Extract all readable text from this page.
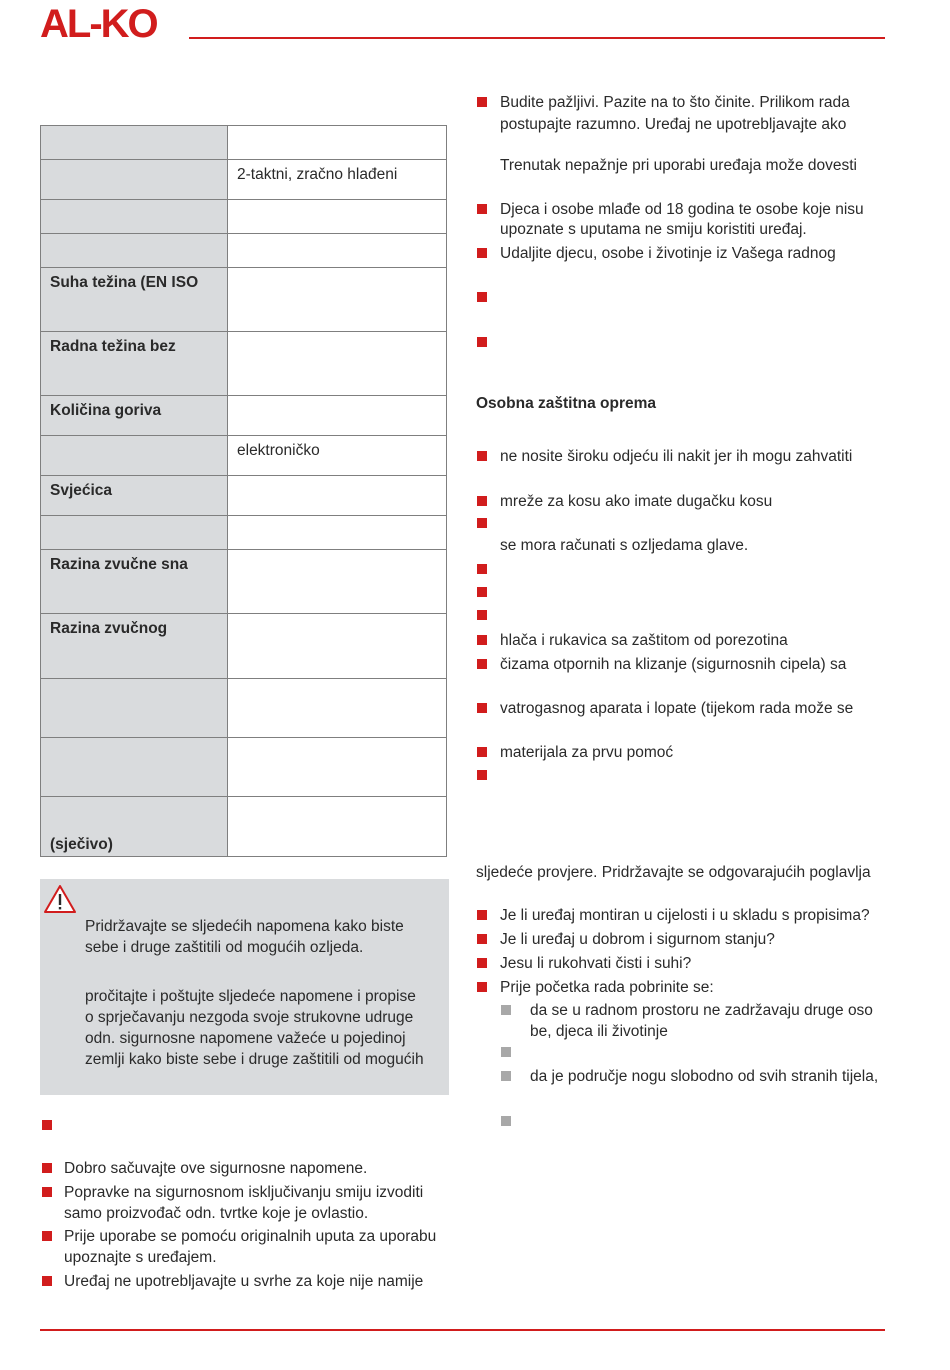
AL-KO

	2-taktni, zračno hlađeni

Suha težina (EN ISO	
Radna težina bez	
Količina goriva	
	elektroničko
Svjećica	

Razina zvučne sna	
Razina zvučnog	

(sječivo)	

Pridržavajte se sljedećih napomena kako biste
sebe i druge zaštitili od mogućih ozljeda.

pročitajte i poštujte sljedeće napomene i propise
o sprječavanju nezgoda svoje strukovne udruge
odn. sigurnosne napomene važeće u pojedinoj
zemlji kako biste sebe i druge zaštitili od mogućih

Dobro sačuvajte ove sigurnosne napomene.
Popravke na sigurnosnom isključivanju smiju izvoditi
samo proizvođač odn. tvrtke koje je ovlastio.
Prije uporabe se pomoću originalnih uputa za uporabu
upoznajte s uređajem.
Uređaj ne upotrebljavajte u svrhe za koje nije namije
Budite pažljivi. Pazite na to što činite. Prilikom rada
postupajte razumno. Uređaj ne upotrebljavajte ako
Trenutak nepažnje pri uporabi uređaja može dovesti
Djeca i osobe mlađe od 18 godina te osobe koje nisu
upoznate s uputama ne smiju koristiti uređaj.
Udaljite djecu, osobe i životinje iz Vašega radnog
Osobna zaštitna oprema
ne nosite široku odjeću ili nakit jer ih mogu zahvatiti
mreže za kosu ako imate dugačku kosu
se mora računati s ozljedama glave.
hlača i rukavica sa zaštitom od porezotina
čizama otpornih na klizanje (sigurnosnih cipela) sa
vatrogasnog aparata i lopate (tijekom rada može se
materijala za prvu pomoć
sljedeće provjere. Pridržavajte se odgovarajućih poglavlja
Je li uređaj montiran u cijelosti i u skladu s propisima?
Je li uređaj u dobrom i sigurnom stanju?
Jesu li rukohvati čisti i suhi?
Prije početka rada pobrinite se:
da se u radnom prostoru ne zadržavaju druge oso
be, djeca ili životinje
da je područje nogu slobodno od svih stranih tijela,
